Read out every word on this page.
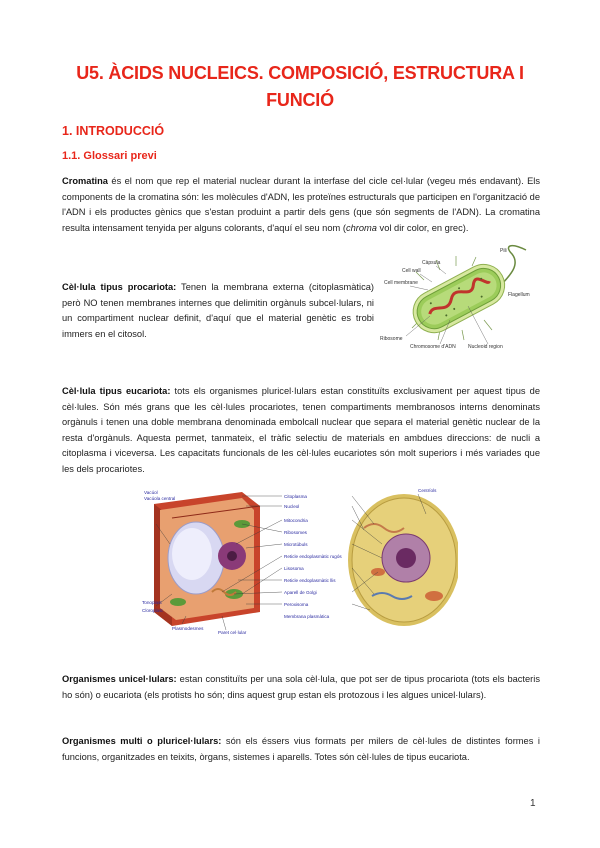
U5. ÀCIDS NUCLEICS. COMPOSICIÓ, ESTRUCTURA I FUNCIÓ
1. INTRODUCCIÓ
1.1. Glossari previ
Cromatina és el nom que rep el material nuclear durant la interfase del cicle cel·lular (vegeu més endavant). Els components de la cromatina són: les molècules d'ADN, les proteïnes estructurals que participen en l'organització de l'ADN i els productes gènics que s'estan produint a partir dels gens (que són segments de l'ADN). La cromatina resulta intensament tenyida per alguns colorants, d'aquí el seu nom (chroma vol dir color, en grec).
Cèl·lula tipus procariota: Tenen la membrana externa (citoplasmàtica) però NO tenen membranes internes que delimitin orgànuls subcel·lulars, ni un compartiment nuclear definit, d'aquí que el material genètic es trobi immers en el citosol.
Pili
Càpsula
Cell wall
Cell membrane
Flagellum
Ribosome
Chromosome d'ADN Nucleoid region
Cèl·lula tipus eucariota: tots els organismes pluricel·lulars estan constituïts exclusivament per aquest tipus de cèl·lules. Són més grans que les cèl·lules procariotes, tenen compartiments membranosos interns denominats orgànuls i tenen una doble membrana denominada embolcall nuclear que separa el material genètic nuclear de la resta d'orgànuls. Aquesta permet, tanmateix, el tràfic selectiu de materials en ambdues direccions: de nucli a citoplasma i viceversa. Les capacitats funcionals de les cèl·lules eucariotes són molt superiors i més variades que les dels procariotes.
Vacúol
Vacúola central
Tonoplast
Cloroplast
Plasmodesmes
Paret cel·lular
Citoplasma
Nucleol
Mitocondria
Ribosomes
Microtúbuls
Reticle endoplasmàtic rugós
Lisosoma
Reticle endoplasmàtic llis
Aparell de Golgi
Peroxisoma
Membrana plasmàtica
Centríols
Organismes unicel·lulars: estan constituïts per una sola cèl·lula, que pot ser de tipus procariota (tots els bacteris ho són) o eucariota (els protists ho són; dins aquest grup estan els protozous i les algues unicel·lulars).
Organismes multi o pluricel·lulars: són els éssers vius formats per milers de cèl·lules de distintes formes i funcions, organitzades en teixits, òrgans, sistemes i aparells. Totes són cèl·lules de tipus eucariota.
1
